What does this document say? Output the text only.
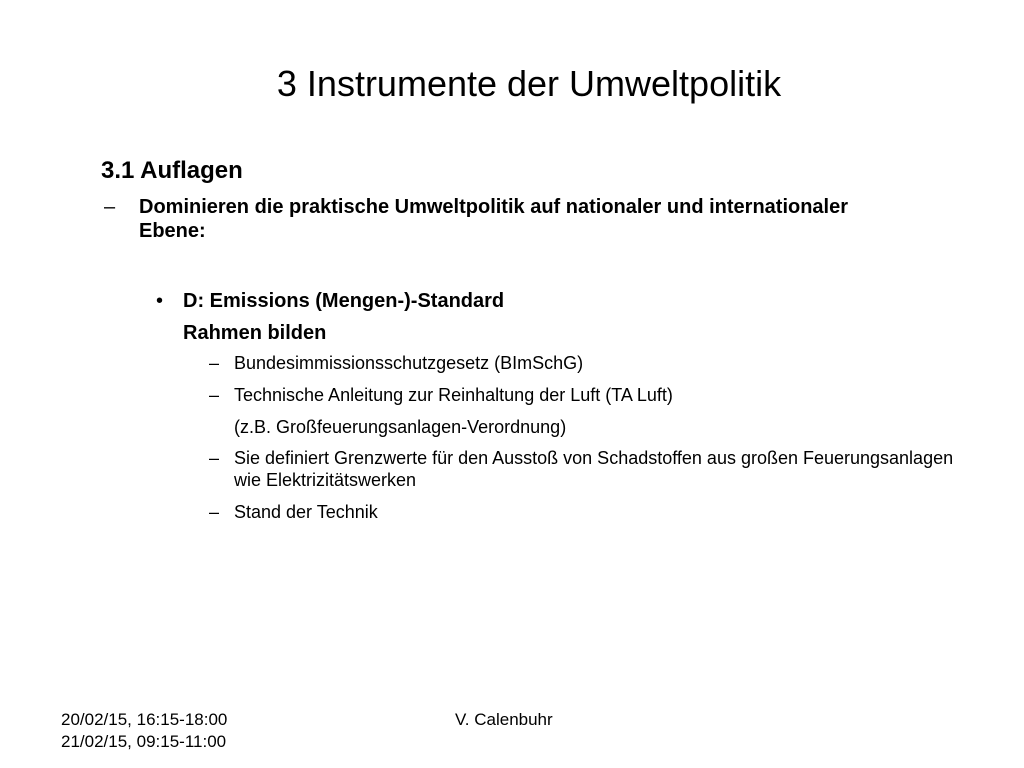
3 Instrumente der Umweltpolitik
3.1 Auflagen
– Dominieren die praktische Umweltpolitik auf nationaler und internationaler Ebene:
• D: Emissions (Mengen-)-Standard
Rahmen bilden
– Bundesimmissionsschutzgesetz (BImSchG)
– Technische Anleitung zur Reinhaltung der Luft (TA Luft)
(z.B. Großfeuerungsanlagen-Verordnung)
– Sie definiert Grenzwerte für den Ausstoß von Schadstoffen aus großen Feuerungsanlagen wie Elektrizitätswerken
– Stand der Technik
20/02/15, 16:15-18:00
21/02/15, 09:15-11:00
V. Calenbuhr
